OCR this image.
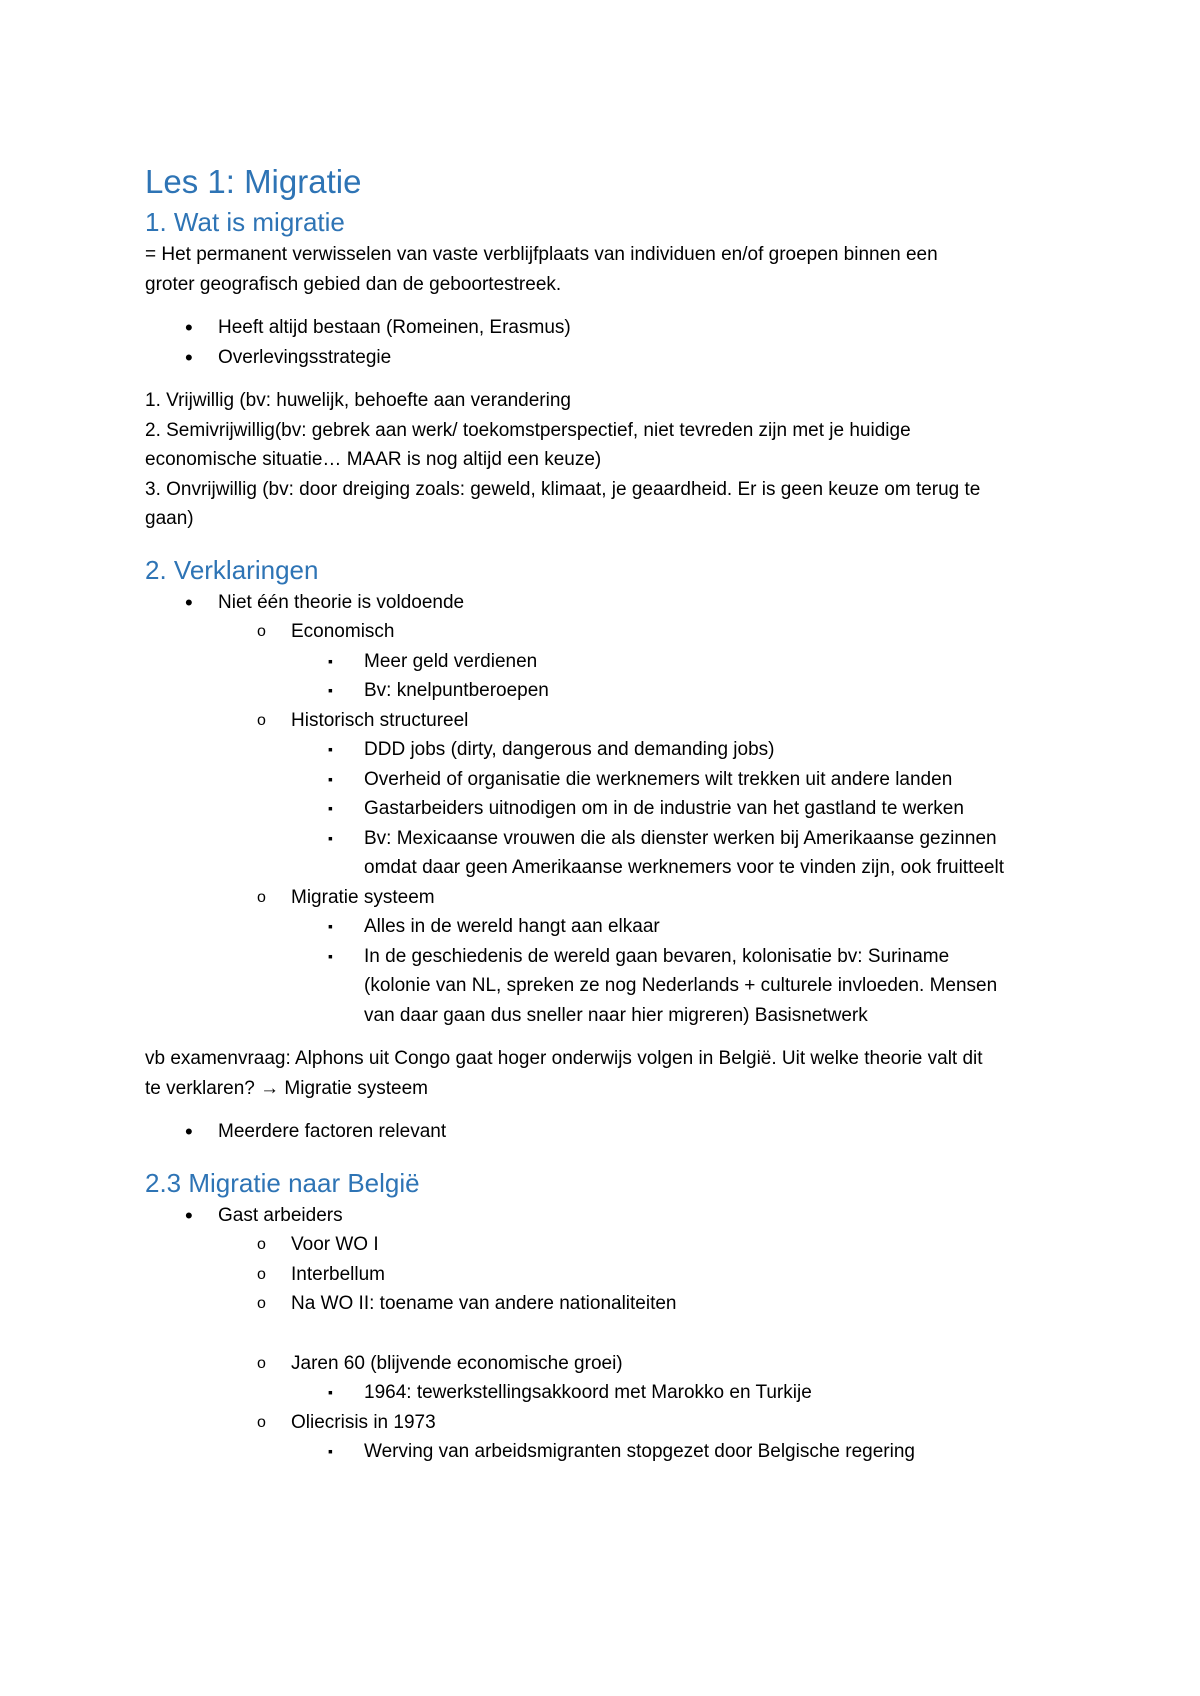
Les 1: Migratie
1. Wat is migratie

= Het permanent verwisselen van vaste verblijfplaats van individuen en/of groepen binnen een

groter geografisch gebied dan de geboortestreek.

• Heeft altijd bestaan (Romeinen, Erasmus)
• Overlevingsstrategie

1. Vrijwillig (bv: huwelijk, behoefte aan verandering

2. Semivrijwillig(bv: gebrek aan werk/ toekomstperspectief, niet tevreden zijn met je huidige

economische situatie… MAAR is nog altijd een keuze)

3. Onvrijwillig (bv: door dreiging zoals: geweld, klimaat, je geaardheid. Er is geen keuze om terug te

gaan)

2. Verklaringen
• Niet één theorie is voldoende
o Economisch
▪ Meer geld verdienen
▪ Bv: knelpuntberoepen
o Historisch structureel
▪ DDD jobs (dirty, dangerous and demanding jobs)
▪ Overheid of organisatie die werknemers wilt trekken uit andere landen
▪ Gastarbeiders uitnodigen om in de industrie van het gastland te werken
▪ Bv: Mexicaanse vrouwen die als dienster werken bij Amerikaanse gezinnen
omdat daar geen Amerikaanse werknemers voor te vinden zijn, ook fruitteelt
o Migratie systeem
▪ Alles in de wereld hangt aan elkaar
▪ In de geschiedenis de wereld gaan bevaren, kolonisatie bv: Suriname
(kolonie van NL, spreken ze nog Nederlands + culturele invloeden. Mensen
van daar gaan dus sneller naar hier migreren) Basisnetwerk

vb examenvraag: Alphons uit Congo gaat hoger onderwijs volgen in België. Uit welke theorie valt dit

te verklaren? → Migratie systeem

• Meerdere factoren relevant
2.3 Migratie naar België
• Gast arbeiders
o Voor WO I
o Interbellum
o Na WO II: toename van andere nationaliteiten
o Jaren 60 (blijvende economische groei)
▪ 1964: tewerkstellingsakkoord met Marokko en Turkije
o Oliecrisis in 1973
▪ Werving van arbeidsmigranten stopgezet door Belgische regering
